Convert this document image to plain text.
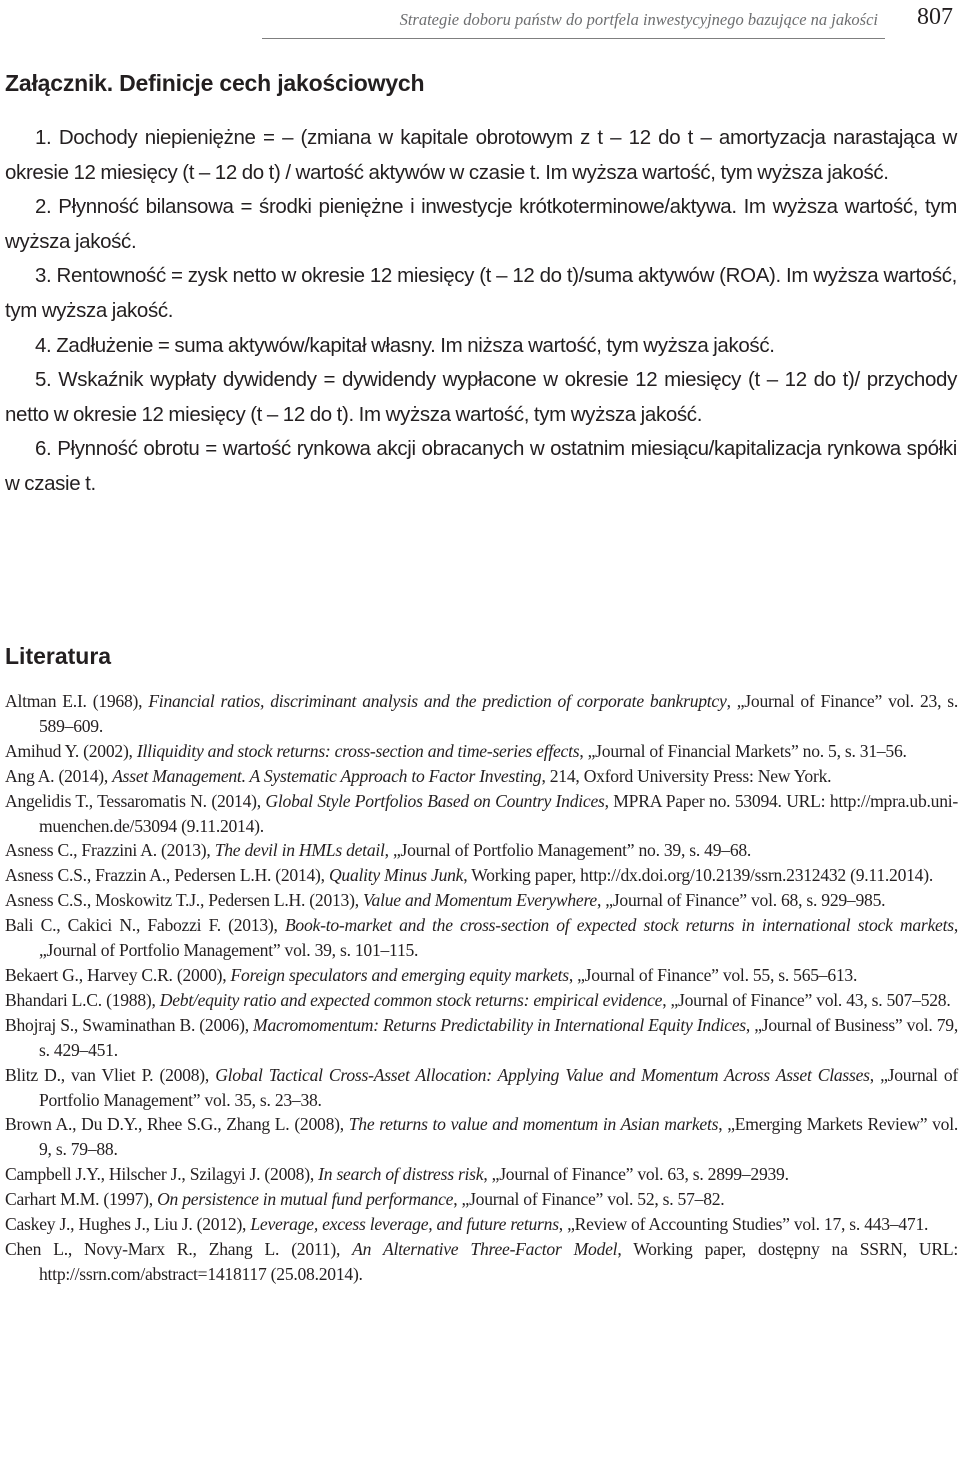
Strategie doboru państw do portfela inwestycyjnego bazujące na jakości 807
Załącznik. Definicje cech jakościowych

1. Dochody niepieniężne = – (zmiana w kapitale obrotowym z t – 12 do t – amortyzacja narastająca w okresie 12 miesięcy (t – 12 do t) / wartość aktywów w czasie t. Im wyższa wartość, tym wyższa jakość.

2. Płynność bilansowa = środki pieniężne i inwestycje krótkoterminowe/aktywa. Im wyższa wartość, tym wyższa jakość.

3. Rentowność = zysk netto w okresie 12 miesięcy (t – 12 do t)/suma aktywów (ROA). Im wyższa wartość, tym wyższa jakość.

4. Zadłużenie = suma aktywów/kapitał własny. Im niższa wartość, tym wyższa jakość.

5. Wskaźnik wypłaty dywidendy = dywidendy wypłacone w okresie 12 miesięcy (t – 12 do t)/ przychody netto w okresie 12 miesięcy (t – 12 do t). Im wyższa wartość, tym wyższa jakość.

6. Płynność obrotu = wartość rynkowa akcji obracanych w ostatnim miesiącu/kapitalizacja rynkowa spółki w czasie t.

Literatura

Altman E.I. (1968), Financial ratios, discriminant analysis and the prediction of corporate bankruptcy, „Journal of Finance” vol. 23, s. 589–609.

Amihud Y. (2002), Illiquidity and stock returns: cross-section and time-series effects, „Journal of Financial Markets” no. 5, s. 31–56.

Ang A. (2014), Asset Management. A Systematic Approach to Factor Investing, 214, Oxford University Press: New York.

Angelidis T., Tessaromatis N. (2014), Global Style Portfolios Based on Country Indices, MPRA Paper no. 53094. URL: http://mpra.ub.uni-muenchen.de/53094 (9.11.2014).

Asness C., Frazzini A. (2013), The devil in HMLs detail, „Journal of Portfolio Management” no. 39, s. 49–68.

Asness C.S., Frazzin A., Pedersen L.H. (2014), Quality Minus Junk, Working paper, http://dx.doi.org/10.2139/ssrn.2312432 (9.11.2014).

Asness C.S., Moskowitz T.J., Pedersen L.H. (2013), Value and Momentum Everywhere, „Journal of Finance” vol. 68, s. 929–985.

Bali C., Cakici N., Fabozzi F. (2013), Book-to-market and the cross-section of expected stock returns in international stock markets, „Journal of Portfolio Management” vol. 39, s. 101–115.

Bekaert G., Harvey C.R. (2000), Foreign speculators and emerging equity markets, „Journal of Finance” vol. 55, s. 565–613.

Bhandari L.C. (1988), Debt/equity ratio and expected common stock returns: empirical evidence, „Journal of Finance” vol. 43, s. 507–528.

Bhojraj S., Swaminathan B. (2006), Macromomentum: Returns Predictability in International Equity Indices, „Journal of Business” vol. 79, s. 429–451.

Blitz D., van Vliet P. (2008), Global Tactical Cross-Asset Allocation: Applying Value and Momentum Across Asset Classes, „Journal of Portfolio Management” vol. 35, s. 23–38.

Brown A., Du D.Y., Rhee S.G., Zhang L. (2008), The returns to value and momentum in Asian markets, „Emerging Markets Review” vol. 9, s. 79–88.

Campbell J.Y., Hilscher J., Szilagyi J. (2008), In search of distress risk, „Journal of Finance” vol. 63, s. 2899–2939.

Carhart M.M. (1997), On persistence in mutual fund performance, „Journal of Finance” vol. 52, s. 57–82.

Caskey J., Hughes J., Liu J. (2012), Leverage, excess leverage, and future returns, „Review of Accounting Studies” vol. 17, s. 443–471.

Chen L., Novy-Marx R., Zhang L. (2011), An Alternative Three-Factor Model, Working paper, dostępny na SSRN, URL: http://ssrn.com/abstract=1418117 (25.08.2014).
